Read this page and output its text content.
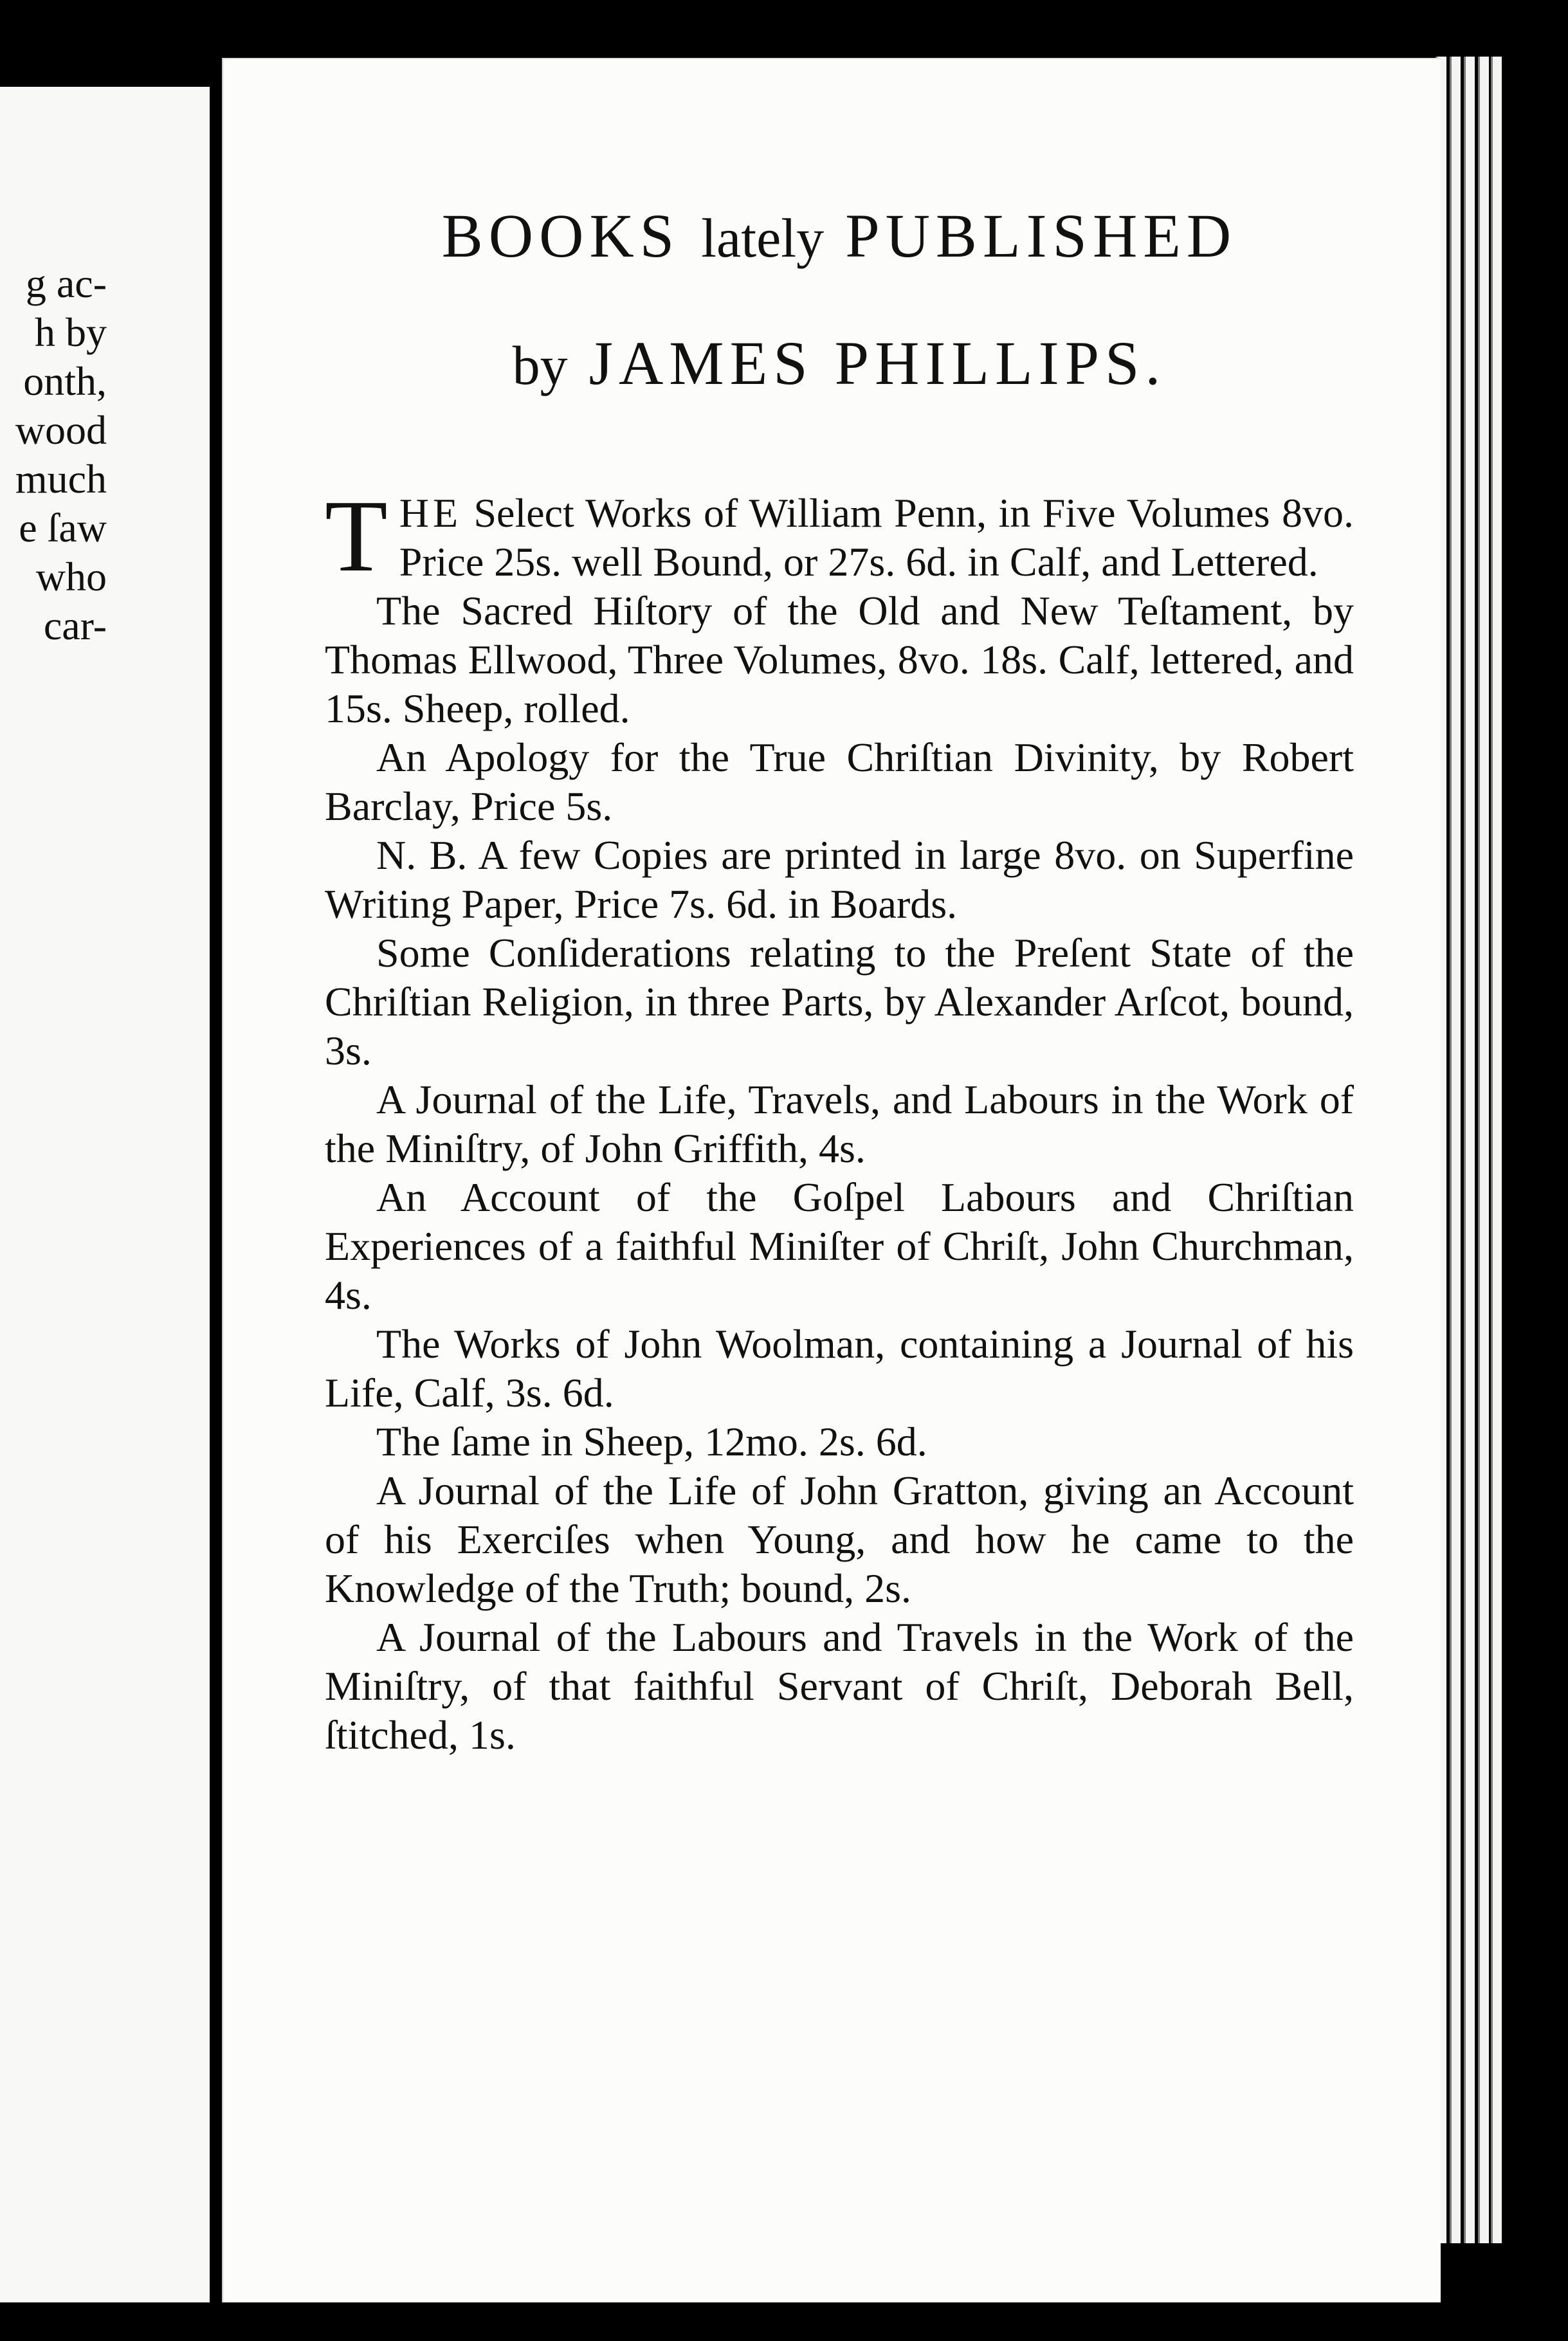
g ac-
h by
onth,
wood
much
e ſaw
who
car-
BOOKS lately PUBLISHED
by JAMES PHILLIPS.

THE Select Works of William Penn, in Five Volumes 8vo. Price 25s. well Bound, or 27s. 6d. in Calf, and Lettered.

The Sacred Hiſtory of the Old and New Teſtament, by Thomas Ellwood, Three Volumes, 8vo. 18s. Calf, lettered, and 15s. Sheep, rolled.

An Apology for the True Chriſtian Divinity, by Robert Barclay, Price 5s.

N. B. A few Copies are printed in large 8vo. on Superfine Writing Paper, Price 7s. 6d. in Boards.

Some Conſiderations relating to the Preſent State of the Chriſtian Religion, in three Parts, by Alexander Arſcot, bound, 3s.

A Journal of the Life, Travels, and Labours in the Work of the Miniſtry, of John Griffith, 4s.

An Account of the Goſpel Labours and Chriſtian Experiences of a faithful Miniſter of Chriſt, John Churchman, 4s.

The Works of John Woolman, containing a Journal of his Life, Calf, 3s. 6d.

The ſame in Sheep, 12mo. 2s. 6d.

A Journal of the Life of John Gratton, giving an Account of his Exerciſes when Young, and how he came to the Knowledge of the Truth; bound, 2s.

A Journal of the Labours and Travels in the Work of the Miniſtry, of that faithful Servant of Chriſt, Deborah Bell, ſtitched, 1s.
